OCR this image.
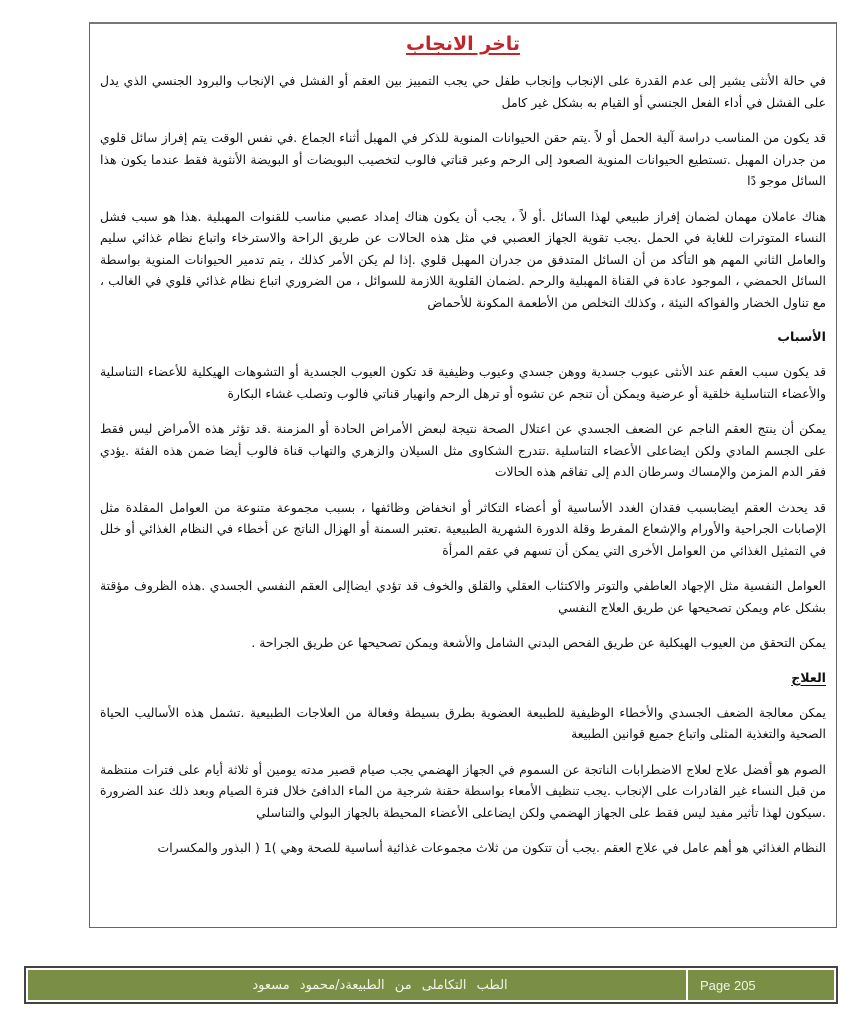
تاخر الانجاب

في حالة الأنثى يشير إلى عدم القدرة على الإنجاب وإنجاب طفل حي يجب التمييز بين العقم أو الفشل في الإنجاب والبرود الجنسي الذي يدل على الفشل في أداء الفعل الجنسي أو القيام به بشكل غير كامل

قد يكون من المناسب دراسة آلية الحمل أو لاً .يتم حقن الحيوانات المنوية للذكر في المهبل أثناء الجماع .في نفس الوقت يتم إفراز سائل قلوي من جدران المهبل .تستطيع الحيوانات المنوية الصعود إلى الرحم وعبر قناتي فالوب لتخصيب البويضات أو البويضة الأنثوية فقط عندما يكون هذا السائل موجو دًا

هناك عاملان مهمان لضمان إفراز طبيعي لهذا السائل .أو لاً ، يجب أن يكون هناك إمداد عصبي مناسب للقنوات المهبلية .هذا هو سبب فشل النساء المتوترات للغاية في الحمل .يجب تقوية الجهاز العصبي في مثل هذه الحالات عن طريق الراحة والاسترخاء واتباع نظام غذائي سليم والعامل الثاني المهم هو التأكد من أن السائل المتدفق من جدران المهبل قلوي .إذا لم يكن الأمر كذلك ، يتم تدمير الحيوانات المنوية بواسطة السائل الحمضي ، الموجود عادة في القناة المهبلية والرحم .لضمان القلوية اللازمة للسوائل ، من الضروري اتباع نظام غذائي قلوي في الغالب ، مع تناول الخضار والفواكه النيئة ، وكذلك التخلص من الأطعمة المكونة للأحماض

الأسباب

قد يكون سبب العقم عند الأنثى عيوب جسدية ووهن جسدي وعيوب وظيفية قد تكون العيوب الجسدية أو التشوهات الهيكلية للأعضاء التناسلية والأعضاء التناسلية خلقية أو عرضية ويمكن أن تنجم عن تشوه أو ترهل الرحم وانهيار قناتي فالوب وتصلب غشاء البكارة

يمكن أن ينتج العقم الناجم عن الضعف الجسدي عن اعتلال الصحة نتيجة لبعض الأمراض الحادة أو المزمنة .قد تؤثر هذه الأمراض ليس فقط على الجسم المادي ولكن ايضاعلى الأعضاء التناسلية .تتدرج الشكاوى مثل السيلان والزهري والتهاب قناة فالوب أيضا ضمن هذه الفئة .يؤدي فقر الدم المزمن والإمساك وسرطان الدم إلى تفاقم هذه الحالات

قد يحدث العقم ايضابسبب فقدان الغدد الأساسية أو أعضاء التكاثر أو انخفاض وظائفها ، بسبب مجموعة متنوعة من العوامل المقلدة مثل الإصابات الجراحية والأورام والإشعاع المفرط وقلة الدورة الشهرية الطبيعية .تعتبر السمنة أو الهزال الناتج عن أخطاء في النظام الغذائي أو خلل في التمثيل الغذائي من العوامل الأخرى التي يمكن أن تسهم في عقم المرأة

العوامل النفسية مثل الإجهاد العاطفي والتوتر والاكتئاب العقلي والقلق والخوف قد تؤدي ايضاإلى العقم النفسي الجسدي .هذه الظروف مؤقتة بشكل عام ويمكن تصحيحها عن طريق العلاج النفسي

يمكن التحقق من العيوب الهيكلية عن طريق الفحص البدني الشامل والأشعة ويمكن تصحيحها عن طريق الجراحة .

العلاج

يمكن معالجة الضعف الجسدي والأخطاء الوظيفية للطبيعة العضوية بطرق بسيطة وفعالة من العلاجات الطبيعية .تشمل هذه الأساليب الحياة الصحية والتغذية المثلى واتباع جميع قوانين الطبيعة

الصوم هو أفضل علاج لعلاج الاضطرابات الناتجة عن السموم في الجهاز الهضمي يجب صيام قصير مدته يومين أو ثلاثة أيام على فترات منتظمة من قبل النساء غير القادرات على الإنجاب .يجب تنظيف الأمعاء بواسطة حقنة شرجية من الماء الدافئ خلال فترة الصيام وبعد ذلك عند الضرورة .سيكون لهذا تأثير مفيد ليس فقط على الجهاز الهضمي ولكن ايضاعلى الأعضاء المحيطة بالجهاز البولي والتناسلي

النظام الغذائي هو أهم عامل في علاج العقم .يجب أن تتكون من ثلاث مجموعات غذائية أساسية للصحة وهي )1 ( البذور والمكسرات

الطب التكاملى من الطبيعة
د/محمود مسعود	Page 205
